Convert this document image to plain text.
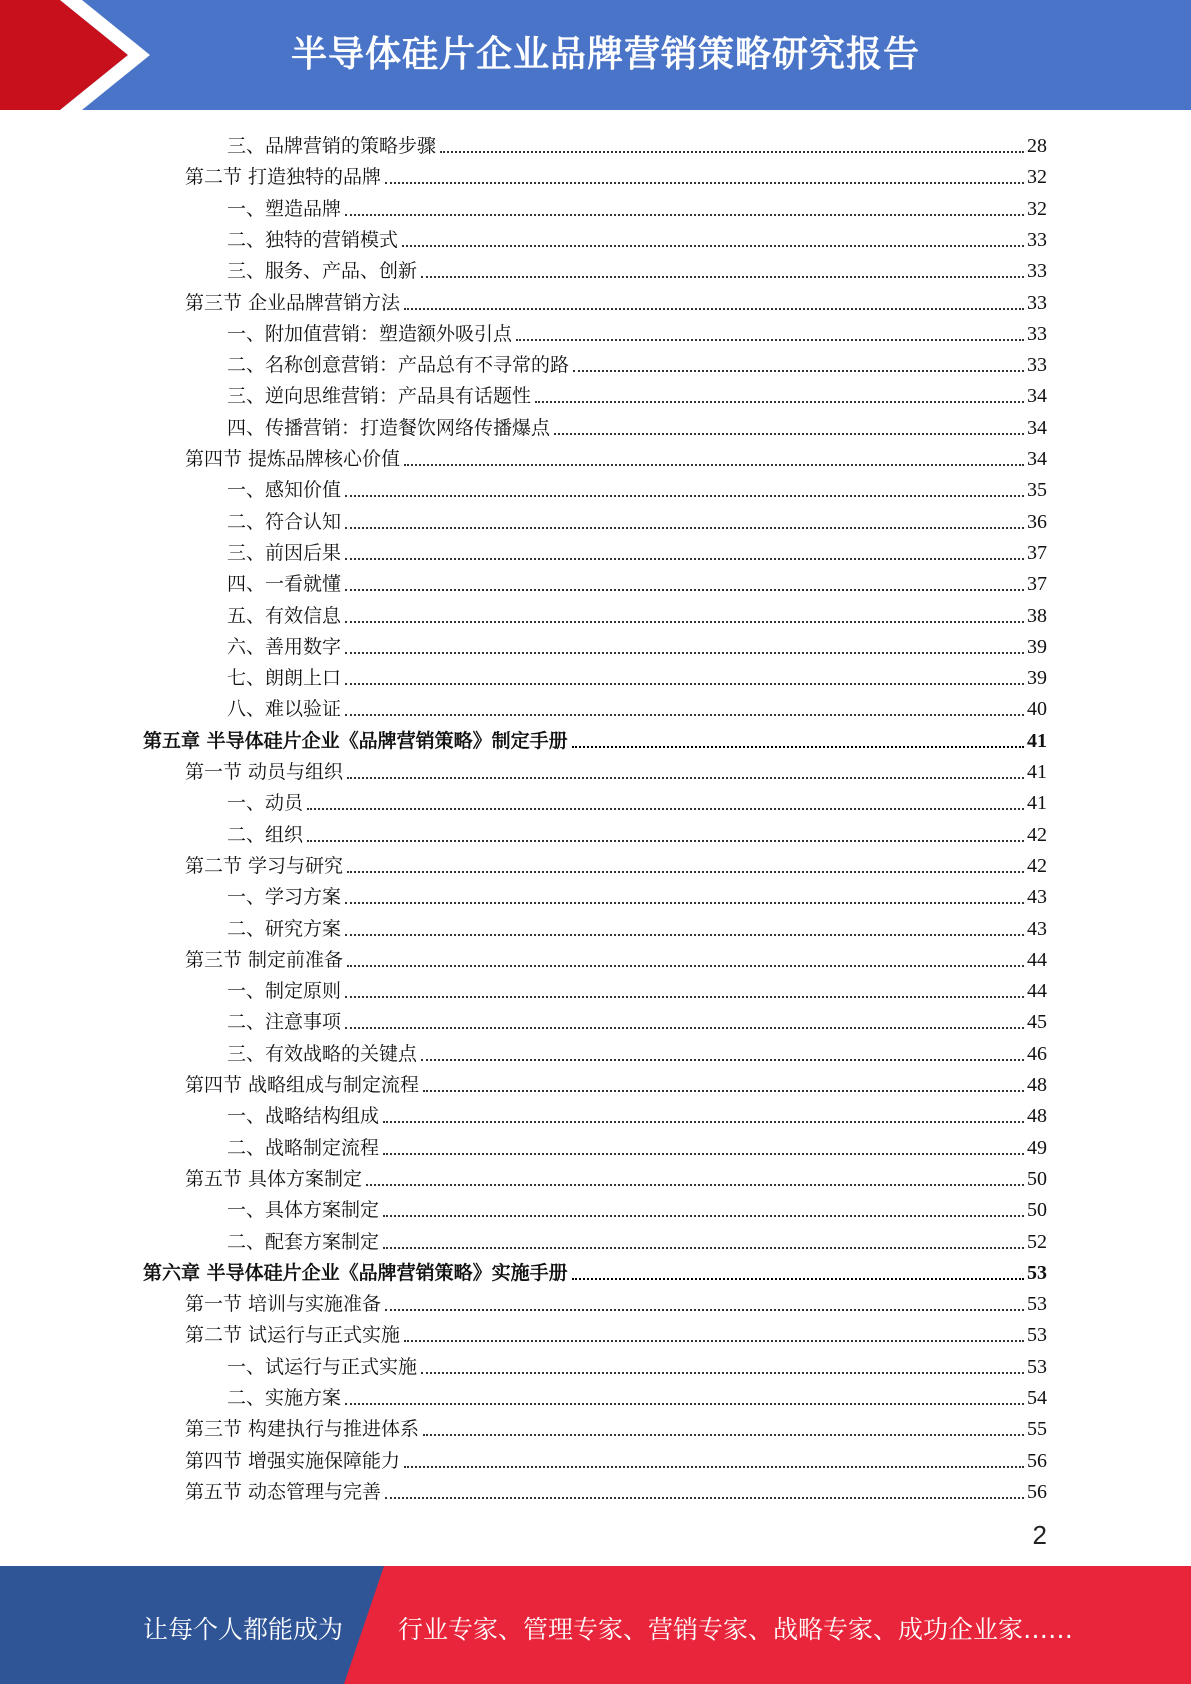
半导体硅片企业品牌营销策略研究报告
三、品牌营销的策略步骤	28
第二节 打造独特的品牌	32
一、塑造品牌	32
二、独特的营销模式	33
三、服务、产品、创新	33
第三节 企业品牌营销方法	33
一、附加值营销：塑造额外吸引点	33
二、名称创意营销：产品总有不寻常的路	33
三、逆向思维营销：产品具有话题性	34
四、传播营销：打造餐饮网络传播爆点	34
第四节 提炼品牌核心价值	34
一、感知价值	35
二、符合认知	36
三、前因后果	37
四、一看就懂	37
五、有效信息	38
六、善用数字	39
七、朗朗上口	39
八、难以验证	40
第五章 半导体硅片企业《品牌营销策略》制定手册	41
第一节 动员与组织	41
一、动员	41
二、组织	42
第二节 学习与研究	42
一、学习方案	43
二、研究方案	43
第三节 制定前准备	44
一、制定原则	44
二、注意事项	45
三、有效战略的关键点	46
第四节 战略组成与制定流程	48
一、战略结构组成	48
二、战略制定流程	49
第五节 具体方案制定	50
一、具体方案制定	50
二、配套方案制定	52
第六章 半导体硅片企业《品牌营销策略》实施手册	53
第一节 培训与实施准备	53
第二节 试运行与正式实施	53
一、试运行与正式实施	53
二、实施方案	54
第三节 构建执行与推进体系	55
第四节 增强实施保障能力	56
第五节 动态管理与完善	56
2
让每个人都能成为 行业专家、管理专家、营销专家、战略专家、成功企业家……
